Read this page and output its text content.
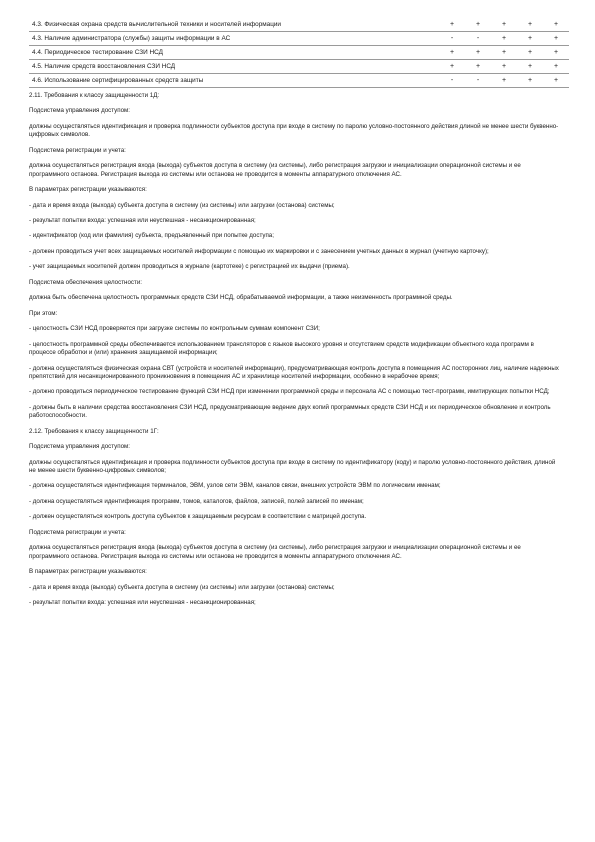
4.3. Физическая охрана средств вычислительной техники и носителей информации	+	+	+	+	+
4.3. Наличие администратора (службы) защиты информации в АС	-	-	+	+	+
4.4. Периодическое тестирование СЗИ НСД	+	+	+	+	+
4.5. Наличие средств восстановления СЗИ НСД	+	+	+	+	+
4.6. Использование сертифицированных средств защиты	-	-	+	+	+

2.11. Требования к классу защищенности 1Д:

Подсистема управления доступом:

должны осуществляться идентификация и проверка подлинности субъектов доступа при входе в систему по паролю условно-постоянного действия длиной не менее шести буквенно-цифровых символов.

Подсистема регистрации и учета:

должна осуществляться регистрация входа (выхода) субъектов доступа в систему (из системы), либо регистрация загрузки и инициализации операционной системы и ее программного останова. Регистрация выхода из системы или останова не проводится в моменты аппаратурного отключения АС.

В параметрах регистрации указываются:

- дата и время входа (выхода) субъекта доступа в систему (из системы) или загрузки (останова) системы;

- результат попытки входа: успешная или неуспешная - несанкционированная;

- идентификатор (код или фамилия) субъекта, предъявленный при попытке доступа;

- должен проводиться учет всех защищаемых носителей информации с помощью их маркировки и с занесением учетных данных в журнал (учетную карточку);

- учет защищаемых носителей должен проводиться в журнале (картотеке) с регистрацией их выдачи (приема).

Подсистема обеспечения целостности:

должна быть обеспечена целостность программных средств СЗИ НСД, обрабатываемой информации, а также неизменность программной среды.

При этом:

- целостность СЗИ НСД проверяется при загрузке системы по контрольным суммам компонент СЗИ;

- целостность программной среды обеспечивается использованием трансляторов с языков высокого уровня и отсутствием средств модификации объектного кода программ в процессе обработки и (или) хранения защищаемой информации;

- должна осуществляться физическая охрана СВТ (устройств и носителей информации), предусматривающая контроль доступа в помещения АС посторонних лиц, наличие надежных препятствий для несанкционированного проникновения в помещения АС и хранилище носителей информации, особенно в нерабочее время;

- должно проводиться периодическое тестирование функций СЗИ НСД при изменении программной среды и персонала АС с помощью тест-программ, имитирующих попытки НСД;

- должны быть в наличии средства восстановления СЗИ НСД, предусматривающие ведение двух копий программных средств СЗИ НСД и их периодическое обновление и контроль работоспособности.

2.12. Требования к классу защищенности 1Г:

Подсистема управления доступом:

должны осуществляться идентификация и проверка подлинности субъектов доступа при входе в систему по идентификатору (коду) и паролю условно-постоянного действия, длиной не менее шести буквенно-цифровых символов;

- должна осуществляться идентификация терминалов, ЭВМ, узлов сети ЭВМ, каналов связи, внешних устройств ЭВМ по логическим именам;

- должна осуществляться идентификация программ, томов, каталогов, файлов, записей, полей записей по именам;

- должен осуществляться контроль доступа субъектов к защищаемым ресурсам в соответствии с матрицей доступа.

Подсистема регистрации и учета:

должна осуществляться регистрация входа (выхода) субъектов доступа в систему (из системы), либо регистрация загрузки и инициализации операционной системы и ее программного останова. Регистрация выхода из системы или останова не проводится в моменты аппаратурного отключения АС.

В параметрах регистрации указываются:

- дата и время входа (выхода) субъекта доступа в систему (из системы) или загрузки (останова) системы;

- результат попытки входа: успешная или неуспешная - несанкционированная;
